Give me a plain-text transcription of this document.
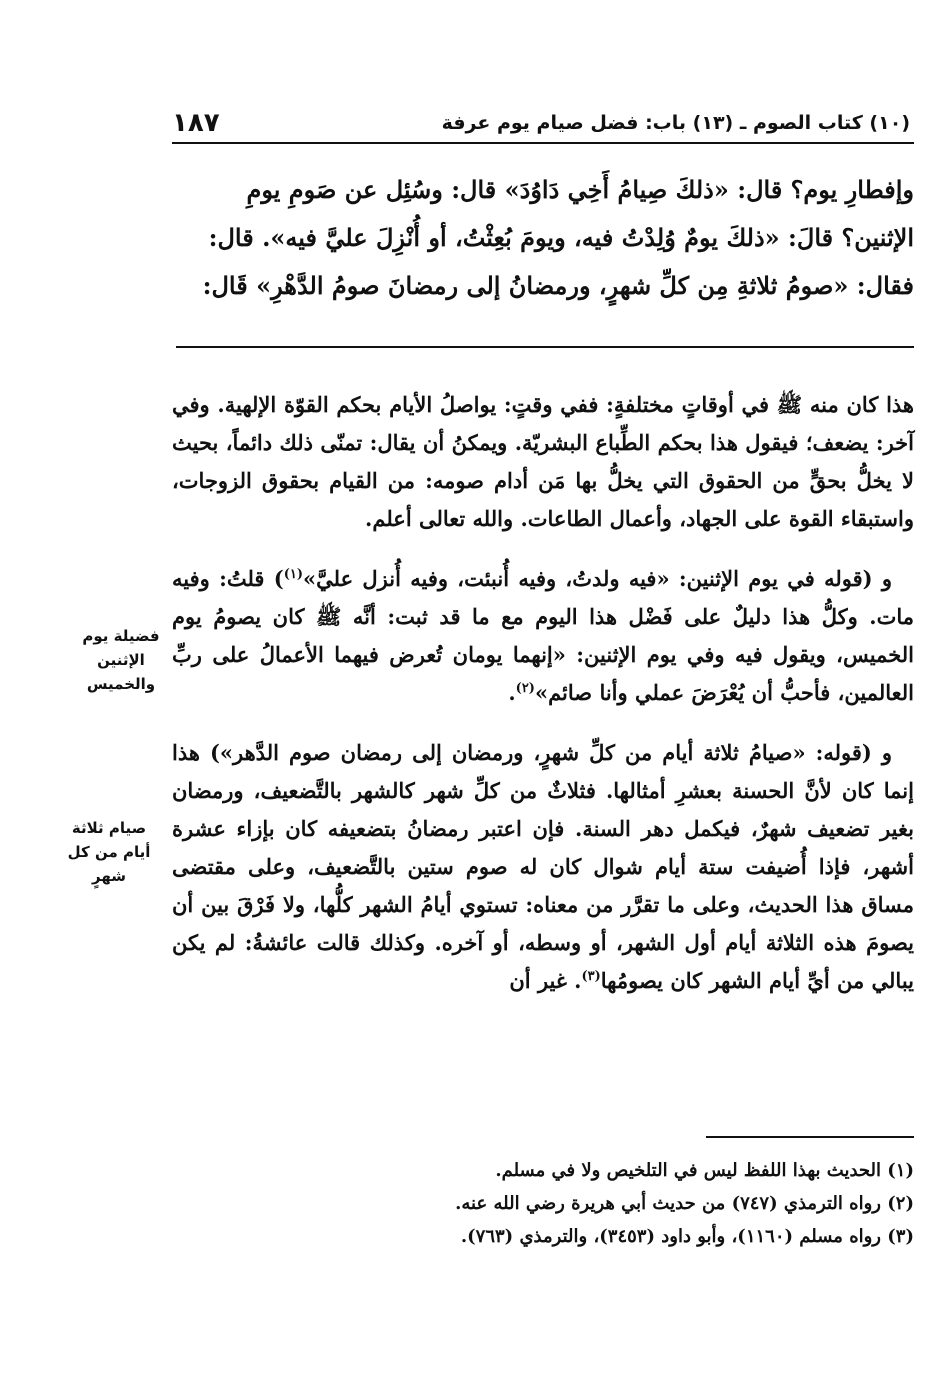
١٨٧	(١٠) كتاب الصوم ـ (١٣) باب: فضل صيام يوم عرفة
وإفطارِ يوم؟ قال: «ذلكَ صِيامُ أَخِي دَاوُدَ» قال: وسُئِل عن صَومِ يومِ
الإثنين؟ قالَ: «ذلكَ يومٌ وُلِدْتُ فيه، ويومَ بُعِثْتُ، أو أُنْزِلَ عليَّ فيه». قال:
فقال: «صومُ ثلاثةِ مِن كلِّ شهرٍ، ورمضانُ إلى رمضانَ صومُ الدَّهْرِ» قَال:

هذا كان منه ﷺ في أوقاتٍ مختلفةٍ: ففي وقتٍ: يواصلُ الأيام بحكم القوّة الإلهية. وفي آخر: يضعف؛ فيقول هذا بحكم الطِّباع البشريّة. ويمكنُ أن يقال: تمنّى ذلك دائماً، بحيث لا يخلُّ بحقٍّ من الحقوق التي يخلُّ بها مَن أدام صومه: من القيام بحقوق الزوجات، واستبقاء القوة على الجهاد، وأعمال الطاعات. والله تعالى أعلم.

و (قوله في يوم الإثنين: «فيه ولدتُ، وفيه أُنبئت، وفيه أُنزل عليَّ»$^{(١)}$) قلتُ: وفيه مات. وكلُّ هذا دليلٌ على فَضْل هذا اليوم مع ما قد ثبت: أنَّه ﷺ كان يصومُ يوم الخميس، ويقول فيه وفي يوم الإثنين: «إنهما يومان تُعرض فيهما الأعمالُ على ربِّ العالمين، فأحبُّ أن يُعْرَضَ عملي وأنا صائم»$^{(٢)}$.

و (قوله: «صيامُ ثلاثة أيام من كلِّ شهرٍ، ورمضان إلى رمضان صوم الدَّهر») هذا إنما كان لأنَّ الحسنة بعشرِ أمثالها. فثلاثٌ من كلِّ شهر كالشهر بالتَّضعيف، ورمضان بغير تضعيف شهرٌ، فيكمل دهر السنة. فإن اعتبر رمضانُ بتضعيفه كان بإزاء عشرة أشهر، فإذا أُضيفت ستة أيام شوال كان له صوم ستين بالتَّضعيف، وعلى مقتضى مساق هذا الحديث، وعلى ما تقرَّر من معناه: تستوي أيامُ الشهر كلُّها، ولا فَرْقَ بين أن يصومَ هذه الثلاثة أيام أول الشهر، أو وسطه، أو آخره. وكذلك قالت عائشةُ: لم يكن يبالي من أيِّ أيام الشهر كان يصومُها$^{(٣)}$. غير أن

فضيلة يوم الإثنين والخميس
صيام ثلاثة أيام من كل شهرٍ

(١) الحديث بهذا اللفظ ليس في التلخيص ولا في مسلم.

(٢) رواه الترمذي (٧٤٧) من حديث أبي هريرة رضي الله عنه.

(٣) رواه مسلم (١١٦٠)، وأبو داود (٣٤٥٣)، والترمذي (٧٦٣).
